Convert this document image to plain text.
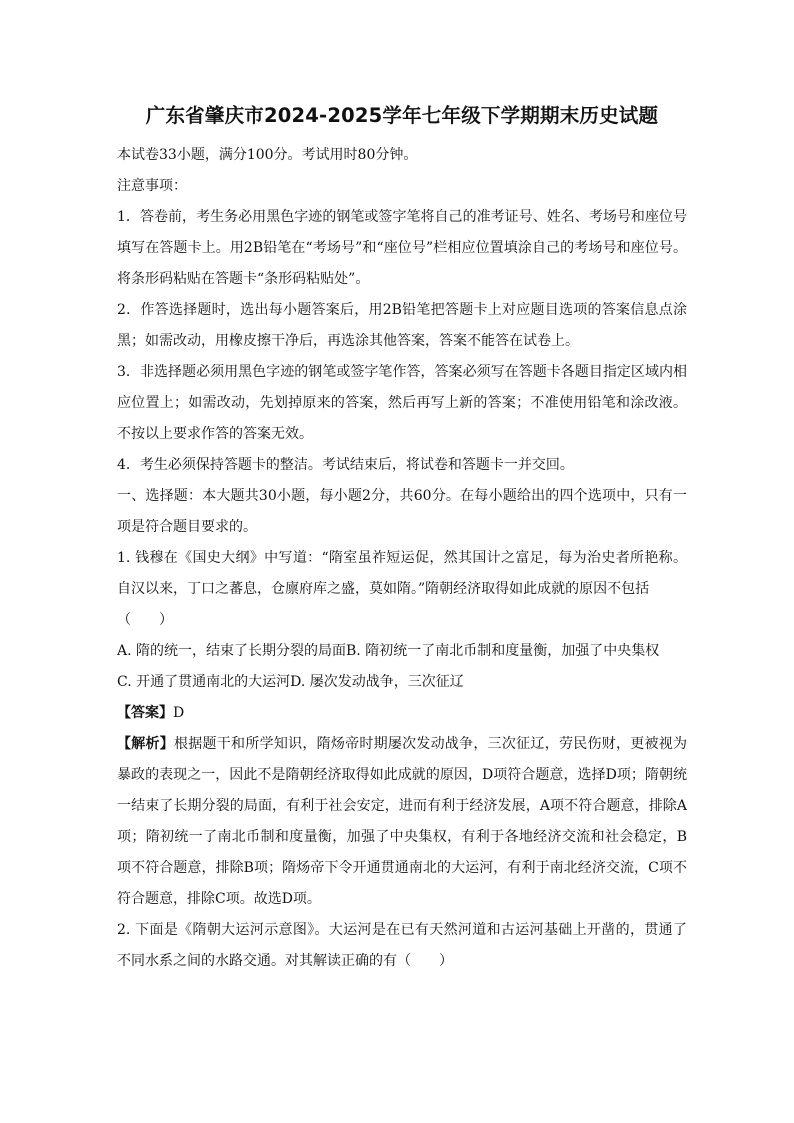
广东省肇庆市2024-2025学年七年级下学期期末历史试题

本试卷33小题，满分100分。考试用时80分钟。

注意事项：

1．答卷前，考生务必用黑色字迹的钢笔或签字笔将自己的准考证号、姓名、考场号和座位号填写在答题卡上。用2B铅笔在“考场号”和“座位号”栏相应位置填涂自己的考场号和座位号。将条形码粘贴在答题卡“条形码粘贴处”。

2．作答选择题时，选出每小题答案后，用2B铅笔把答题卡上对应题目选项的答案信息点涂黑；如需改动，用橡皮擦干净后，再选涂其他答案，答案不能答在试卷上。

3．非选择题必须用黑色字迹的钢笔或签字笔作答，答案必须写在答题卡各题目指定区域内相应位置上；如需改动，先划掉原来的答案，然后再写上新的答案；不准使用铅笔和涂改液。不按以上要求作答的答案无效。

4．考生必须保持答题卡的整洁。考试结束后，将试卷和答题卡一并交回。

一、选择题：本大题共30小题，每小题2分，共60分。在每小题给出的四个选项中，只有一项是符合题目要求的。

1. 钱穆在《国史大纲》中写道：“隋室虽祚短运促，然其国计之富足，每为治史者所艳称。自汉以来，丁口之蕃息，仓廪府库之盛，莫如隋。”隋朝经济取得如此成就的原因不包括

（　　）

A. 隋的统一，结束了长期分裂的局面B. 隋初统一了南北币制和度量衡，加强了中央集权

C. 开通了贯通南北的大运河D. 屡次发动战争，三次征辽

【答案】D

【解析】根据题干和所学知识，隋炀帝时期屡次发动战争，三次征辽，劳民伤财，更被视为暴政的表现之一，因此不是隋朝经济取得如此成就的原因，D项符合题意，选择D项；隋朝统一结束了长期分裂的局面，有利于社会安定，进而有利于经济发展，A项不符合题意，排除A项；隋初统一了南北币制和度量衡，加强了中央集权，有利于各地经济交流和社会稳定，B项不符合题意，排除B项；隋炀帝下令开通贯通南北的大运河，有利于南北经济交流，C项不符合题意，排除C项。故选D项。

2. 下面是《隋朝大运河示意图》。大运河是在已有天然河道和古运河基础上开凿的，贯通了不同水系之间的水路交通。对其解读正确的有（　　）
